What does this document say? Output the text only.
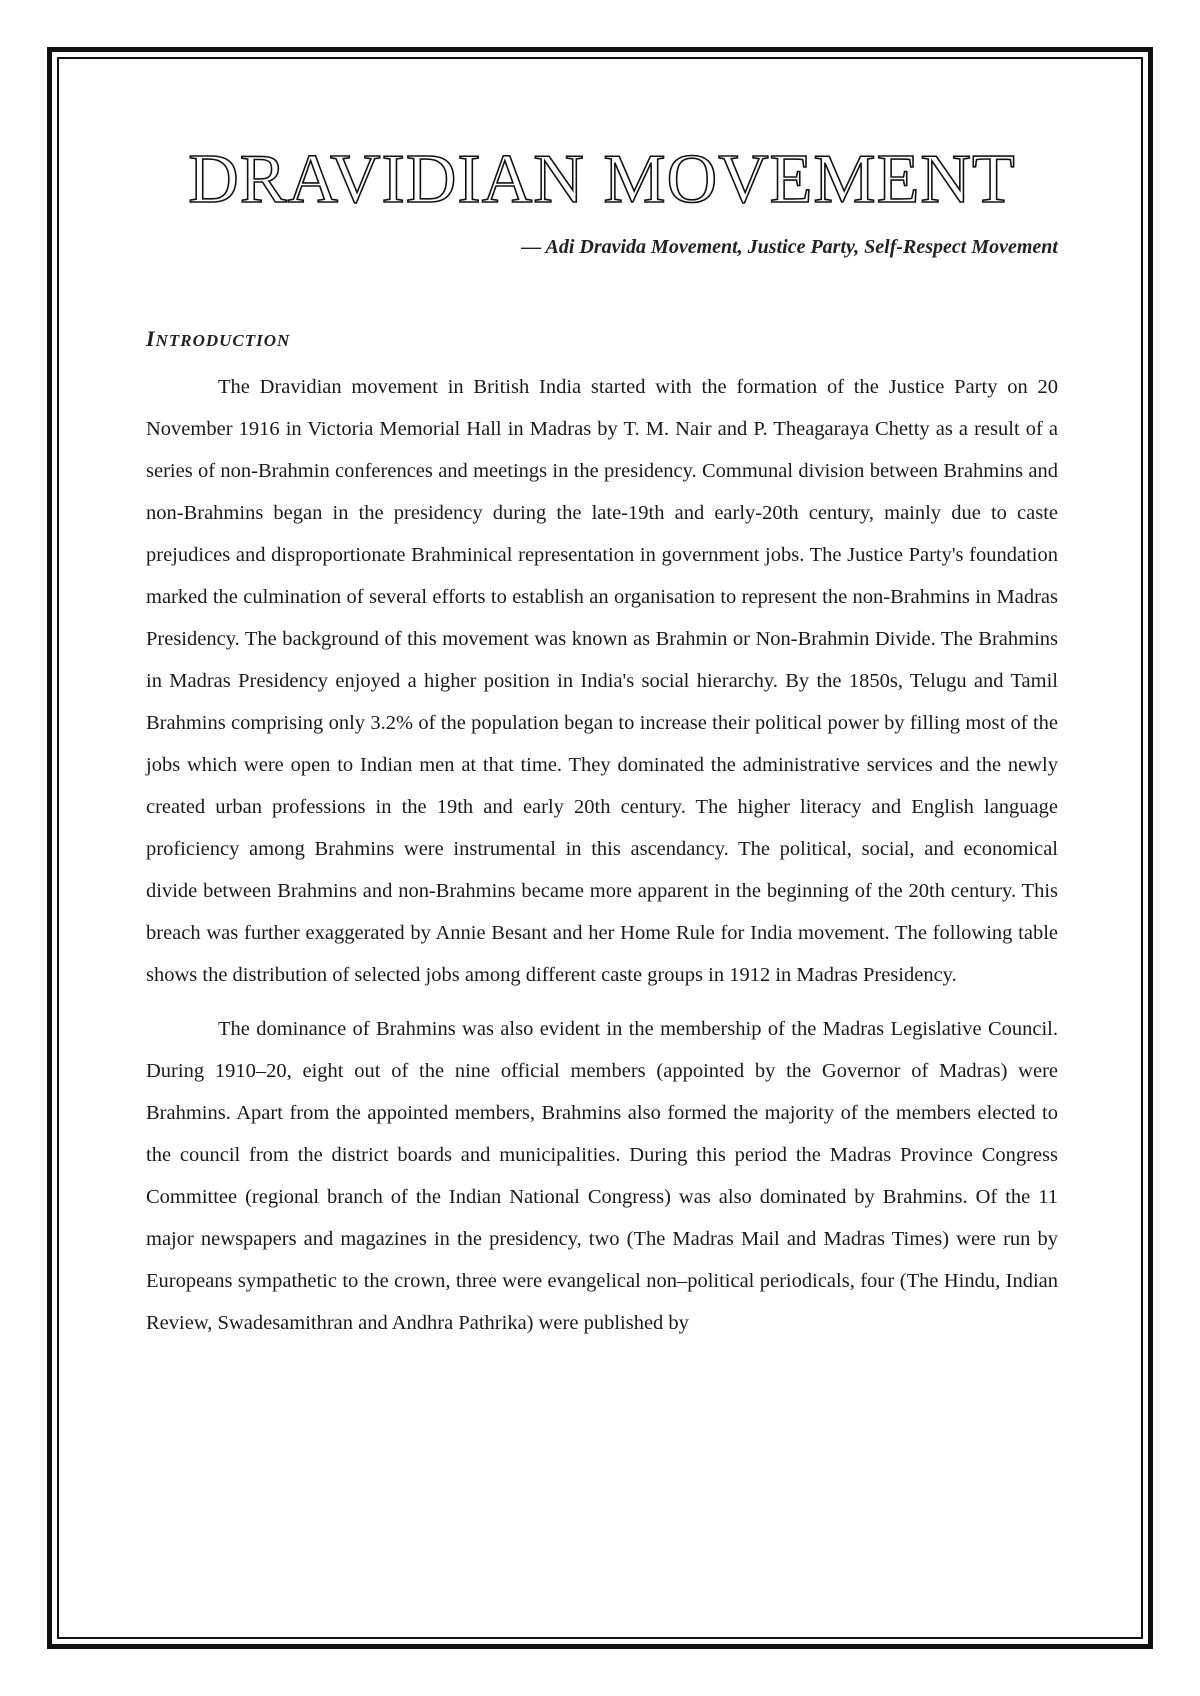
DRAVIDIAN MOVEMENT
— Adi Dravida Movement, Justice Party, Self-Respect Movement
INTRODUCTION

The Dravidian movement in British India started with the formation of the Justice Party on 20 November 1916 in Victoria Memorial Hall in Madras by T. M. Nair and P. Theagaraya Chetty as a result of a series of non-Brahmin conferences and meetings in the presidency. Communal division between Brahmins and non-Brahmins began in the presidency during the late-19th and early-20th century, mainly due to caste prejudices and disproportionate Brahminical representation in government jobs. The Justice Party's foundation marked the culmination of several efforts to establish an organisation to represent the non-Brahmins in Madras Presidency. The background of this movement was known as Brahmin or Non-Brahmin Divide. The Brahmins in Madras Presidency enjoyed a higher position in India's social hierarchy. By the 1850s, Telugu and Tamil Brahmins comprising only 3.2% of the population began to increase their political power by filling most of the jobs which were open to Indian men at that time. They dominated the administrative services and the newly created urban professions in the 19th and early 20th century. The higher literacy and English language proficiency among Brahmins were instrumental in this ascendancy. The political, social, and economical divide between Brahmins and non-Brahmins became more apparent in the beginning of the 20th century. This breach was further exaggerated by Annie Besant and her Home Rule for India movement. The following table shows the distribution of selected jobs among different caste groups in 1912 in Madras Presidency.

The dominance of Brahmins was also evident in the membership of the Madras Legislative Council. During 1910–20, eight out of the nine official members (appointed by the Governor of Madras) were Brahmins. Apart from the appointed members, Brahmins also formed the majority of the members elected to the council from the district boards and municipalities. During this period the Madras Province Congress Committee (regional branch of the Indian National Congress) was also dominated by Brahmins. Of the 11 major newspapers and magazines in the presidency, two (The Madras Mail and Madras Times) were run by Europeans sympathetic to the crown, three were evangelical non–political periodicals, four (The Hindu, Indian Review, Swadesamithran and Andhra Pathrika) were published by
